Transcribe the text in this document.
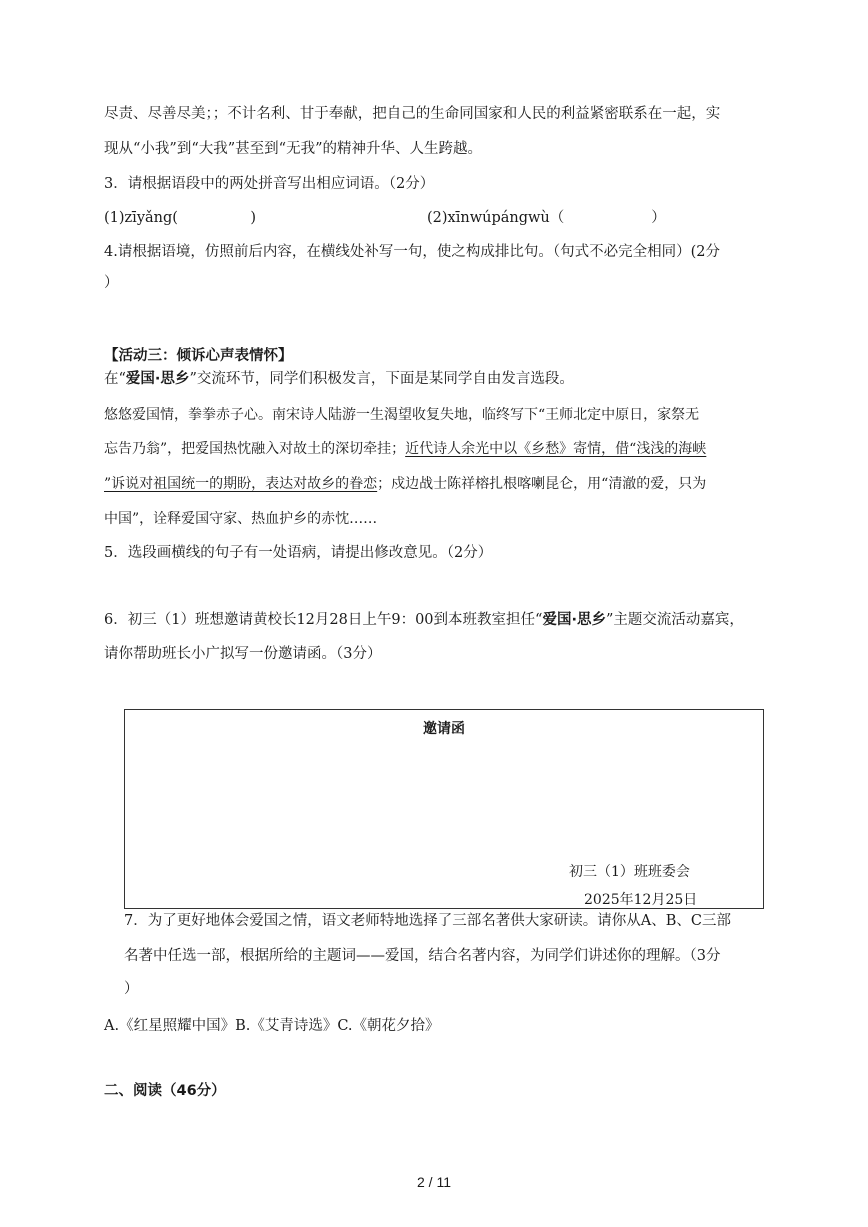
尽责、尽善尽美；；不计名利、甘于奉献，把自己的生命同国家和人民的利益紧密联系在一起，实
现从“小我”到“大我”甚至到“无我”的精神升华、人生跨越。
3．请根据语段中的两处拼音写出相应词语。（2分）
(1)zīyǎng(　　　　　)	(2)xīnwúpángwù（　　　　　　）
4.请根据语境，仿照前后内容，在横线处补写一句，使之构成排比句。（句式不必完全相同）(2分
）
【活动三：倾诉心声表情怀】
在“爱国·思乡”交流环节，同学们积极发言，下面是某同学自由发言选段。
悠悠爱国情，拳拳赤子心。南宋诗人陆游一生渴望收复失地，临终写下“王师北定中原日，家祭无
忘告乃翁”，把爱国热忱融入对故土的深切牵挂；近代诗人余光中以《乡愁》寄情，借“浅浅的海峡
”诉说对祖国统一的期盼，表达对故乡的眷恋；戍边战士陈祥榕扎根喀喇昆仑，用“清澈的爱，只为
中国”，诠释爱国守家、热血护乡的赤忱……
5．选段画横线的句子有一处语病，请提出修改意见。（2分）
6．初三（1）班想邀请黄校长12月28日上午9：00到本班教室担任“爱国·思乡”主题交流活动嘉宾，
请你帮助班长小广拟写一份邀请函。（3分）
邀请函
初三（1）班班委会
2025年12月25日
7．为了更好地体会爱国之情，语文老师特地选择了三部名著供大家研读。请你从A、B、C三部
名著中任选一部，根据所给的主题词——爱国，结合名著内容，为同学们讲述你的理解。（3分
）
A.《红星照耀中国》B.《艾青诗选》C.《朝花夕拾》
二、阅读（46分）
2 / 11
